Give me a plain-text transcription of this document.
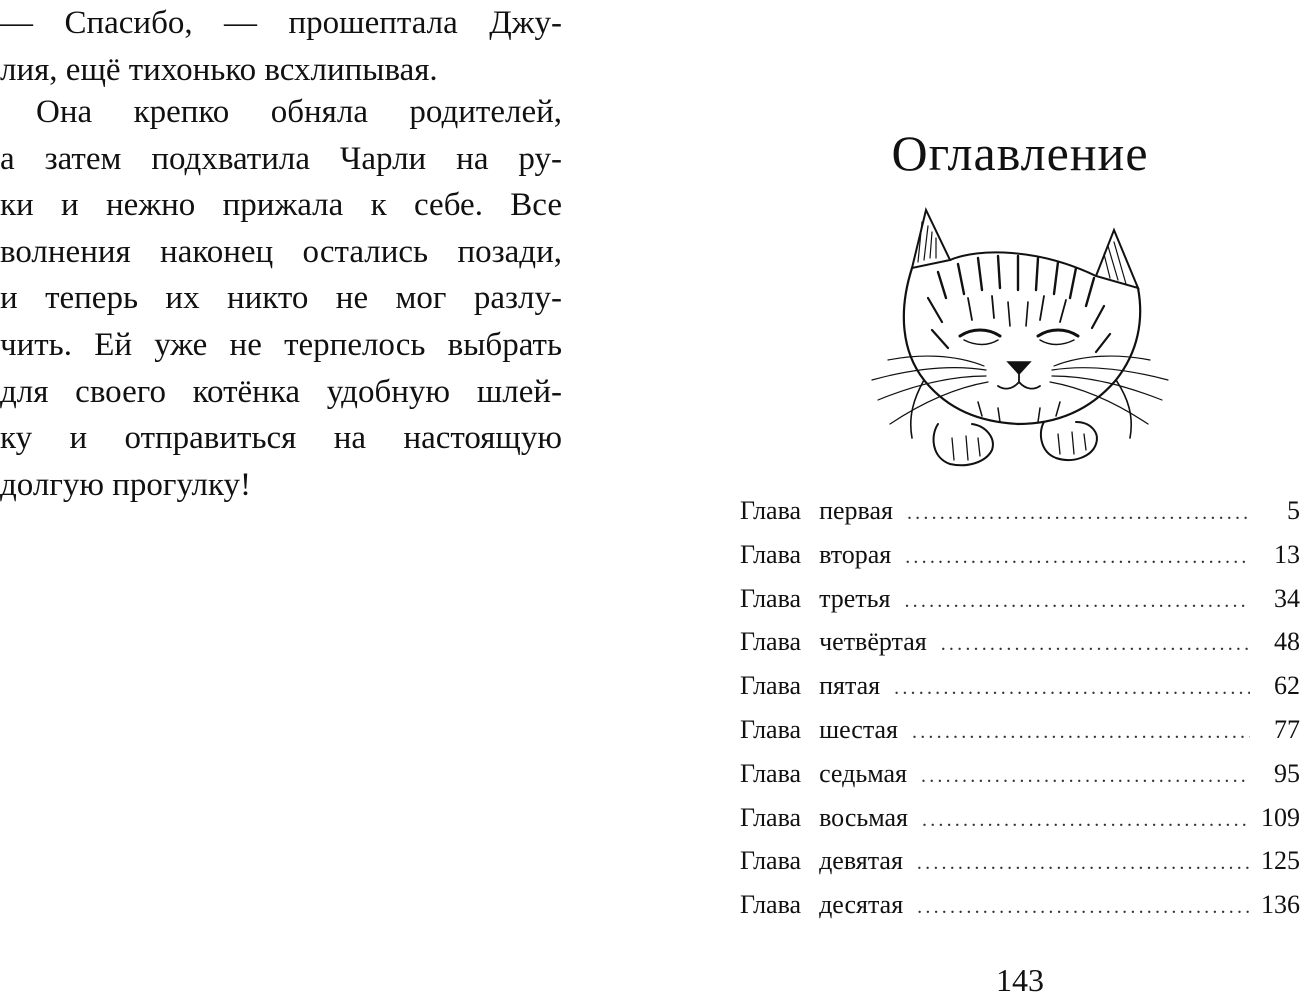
— Спасибо, — прошептала Джу-
лия, ещё тихонько всхлипывая.
Она крепко обняла родителей,
а затем подхватила Чарли на ру-
ки и нежно прижала к себе. Все
волнения наконец остались позади,
и теперь их никто не мог разлу-
чить. Ей уже не терпелось выбрать
для своего котёнка удобную шлей-
ку и отправиться на настоящую
долгую прогулку!
Оглавление
Глава первая .....	5
Глава вторая .....	13
Глава третья .....	34
Глава четвёртая .....	48
Глава пятая .....	62
Глава шестая .....	77
Глава седьмая .....	95
Глава восьмая .....	109
Глава девятая .....	125
Глава десятая .....	136
143
